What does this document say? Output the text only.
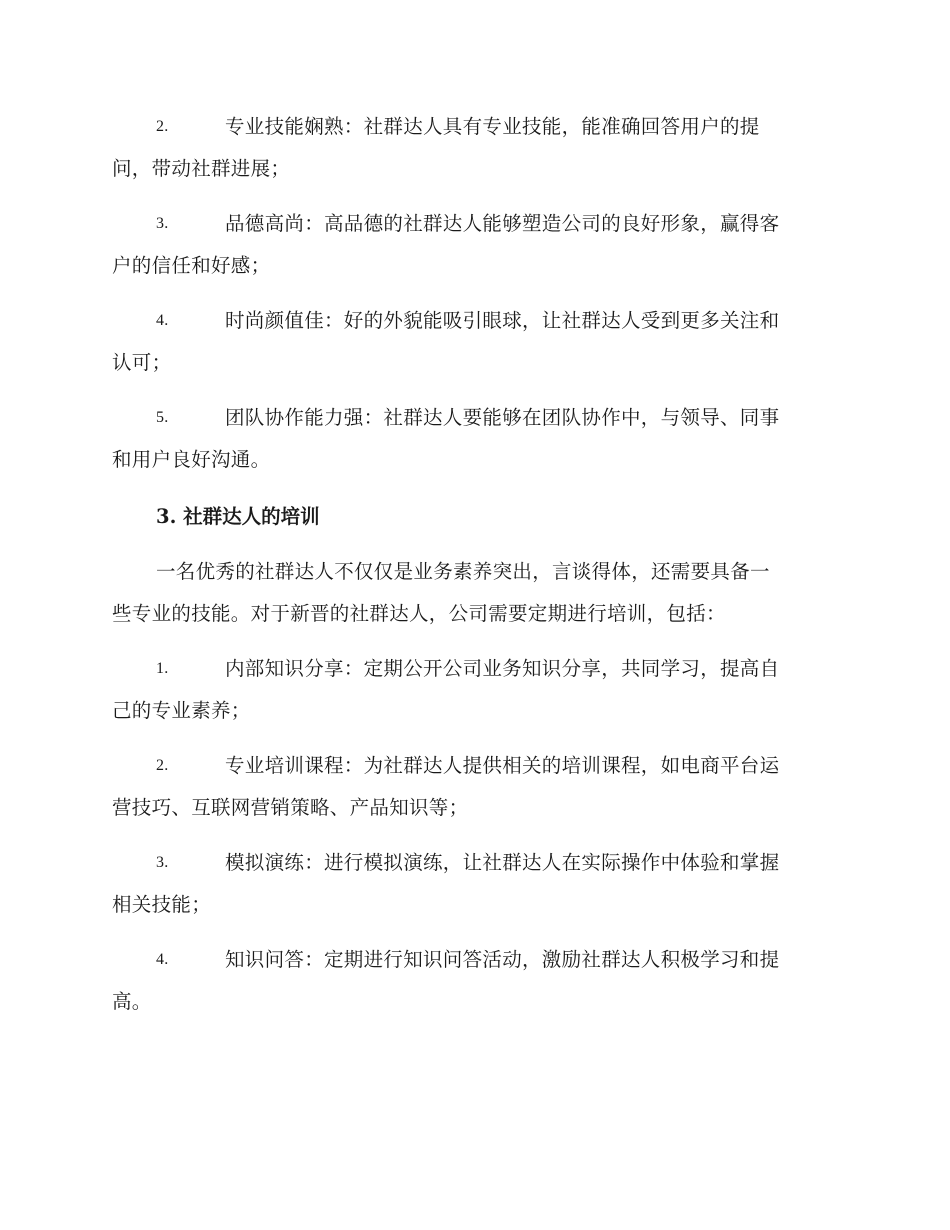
2.	专业技能娴熟：社群达人具有专业技能，能准确回答用户的提
问，带动社群进展；
3.	品德高尚：高品德的社群达人能够塑造公司的良好形象，赢得客
户的信任和好感；
4.	时尚颜值佳：好的外貌能吸引眼球，让社群达人受到更多关注和
认可；
5.	团队协作能力强：社群达人要能够在团队协作中，与领导、同事
和用户良好沟通。
3. 社群达人的培训
一名优秀的社群达人不仅仅是业务素养突出，言谈得体，还需要具备一
些专业的技能。对于新晋的社群达人，公司需要定期进行培训，包括：
1.	内部知识分享：定期公开公司业务知识分享，共同学习，提高自
己的专业素养；
2.	专业培训课程：为社群达人提供相关的培训课程，如电商平台运
营技巧、互联网营销策略、产品知识等；
3.	模拟演练：进行模拟演练，让社群达人在实际操作中体验和掌握
相关技能；
4.	知识问答：定期进行知识问答活动，激励社群达人积极学习和提
高。
